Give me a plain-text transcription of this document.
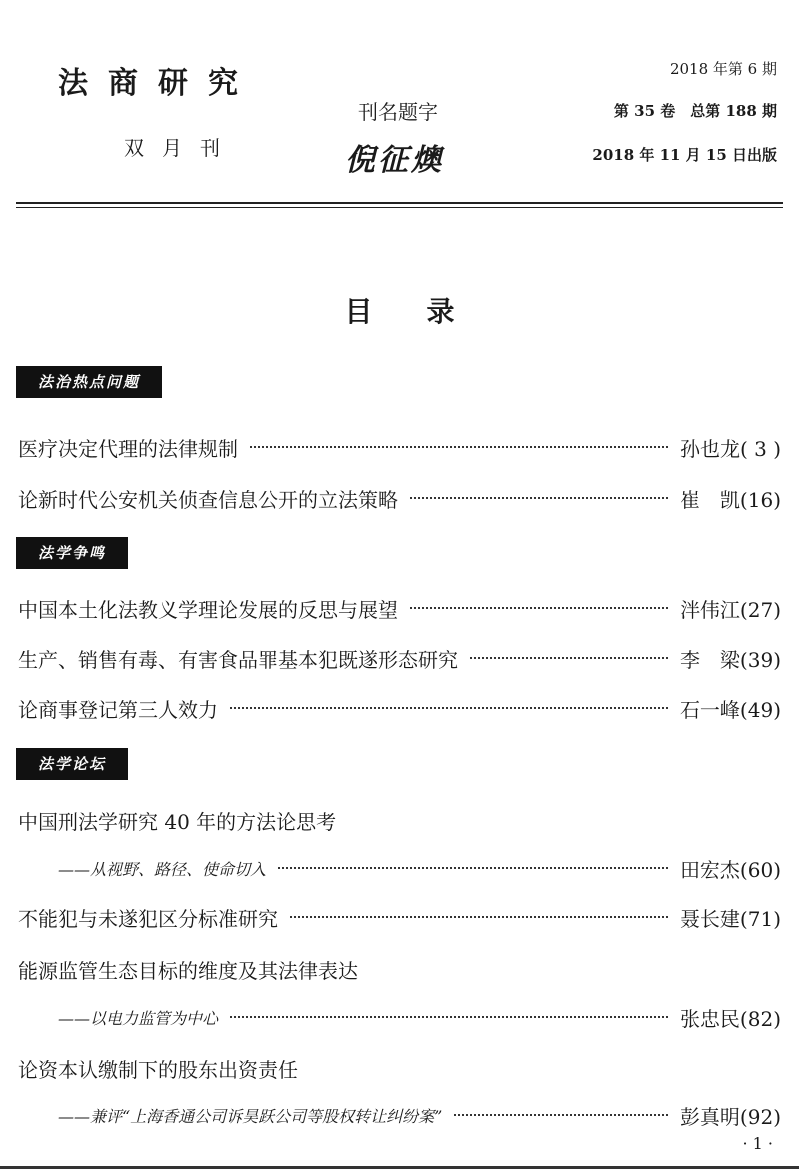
法商研究
双月刊
刊名题字
倪征燠
2018 年第 6 期
第 35 卷　总第 188 期
2018 年 11 月 15 日出版
目录
法治热点问题
医疗决定代理的法律规制	孙也龙( 3 )
论新时代公安机关侦查信息公开的立法策略	崔　凯(16)
法学争鸣
中国本土化法教义学理论发展的反思与展望	泮伟江(27)
生产、销售有毒、有害食品罪基本犯既遂形态研究	李　梁(39)
论商事登记第三人效力	石一峰(49)
法学论坛
中国刑法学研究 40 年的方法论思考
——从视野、路径、使命切入	田宏杰(60)
不能犯与未遂犯区分标准研究	聂长建(71)
能源监管生态目标的维度及其法律表达
——以电力监管为中心	张忠民(82)
论资本认缴制下的股东出资责任
——兼评“上海香通公司诉昊跃公司等股权转让纠纷案”	彭真明(92)
· 1 ·
